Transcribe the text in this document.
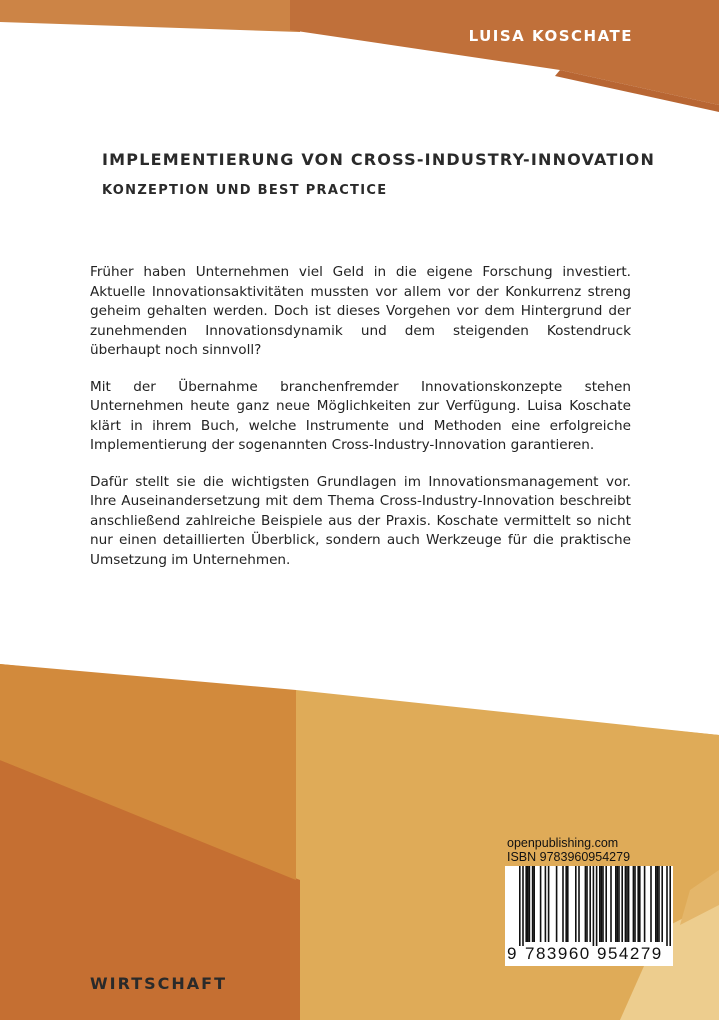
LUISA KOSCHATE
IMPLEMENTIERUNG VON CROSS-INDUSTRY-INNOVATION
KONZEPTION UND BEST PRACTICE

Früher haben Unternehmen viel Geld in die eigene Forschung investiert. Aktuelle Innovationsaktivitäten mussten vor allem vor der Konkurrenz streng geheim gehalten werden. Doch ist dieses Vorgehen vor dem Hintergrund der zunehmenden Innovationsdynamik und dem steigenden Kostendruck überhaupt noch sinnvoll?

Mit der Übernahme branchenfremder Innovationskonzepte stehen Unternehmen heute ganz neue Möglichkeiten zur Verfügung. Luisa Koschate klärt in ihrem Buch, welche Instrumente und Methoden eine erfolgreiche Implementierung der sogenannten Cross-Industry-Innovation garantieren.

Dafür stellt sie die wichtigsten Grundlagen im Innovationsmanagement vor. Ihre Auseinandersetzung mit dem Thema Cross-Industry-Innovation beschreibt anschließend zahlreiche Beispiele aus der Praxis. Koschate vermittelt so nicht nur einen detaillierten Überblick, sondern auch Werkzeuge für die praktische Umsetzung im Unternehmen.

openpublishing.com
ISBN 9783960954279
9 783960 954279
WIRTSCHAFT
